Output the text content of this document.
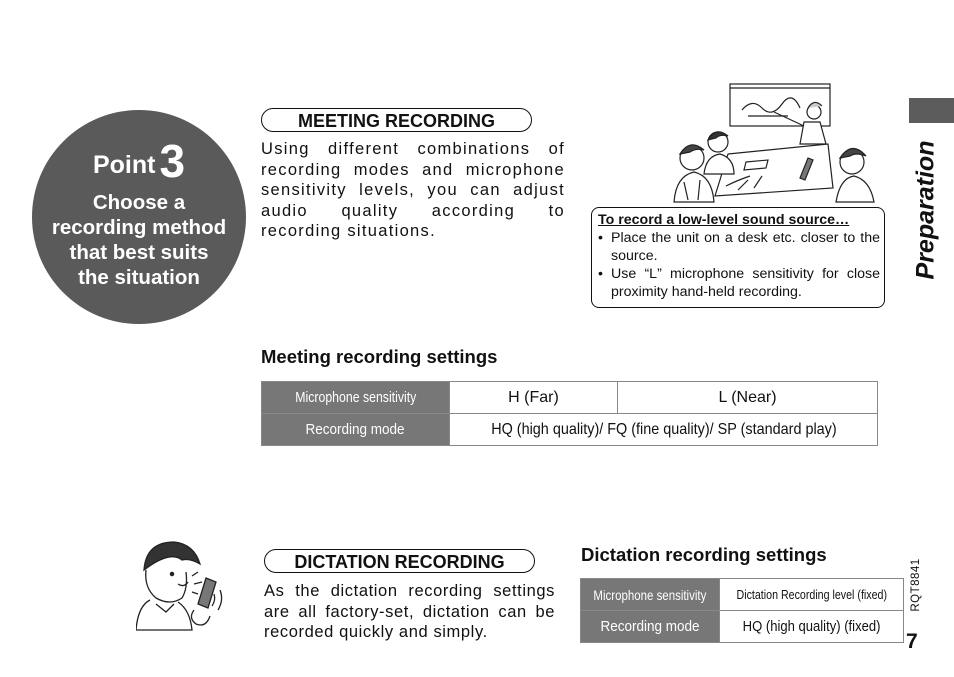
Point3
Choose a
recording method
that best suits
the situation
MEETING RECORDING
Using different combinations of recording modes and microphone sensitivity levels, you can adjust audio quality according to recording situations.
To record a low-level sound source…
• Place the unit on a desk etc. closer to the source.
• Use “L” microphone sensitivity for close proximity hand-held recording.
Meeting recording settings
Microphone sensitivity	H (Far)	L (Near)
Recording mode	HQ (high quality)/ FQ (fine quality)/ SP (standard play)	
DICTATION RECORDING
As the dictation recording settings are all factory-set, dictation can be recorded quickly and simply.
Dictation recording settings
Microphone sensitivity	Dictation Recording level (fixed)
Recording mode	HQ (high quality) (fixed)
Preparation
RQT8841
7
